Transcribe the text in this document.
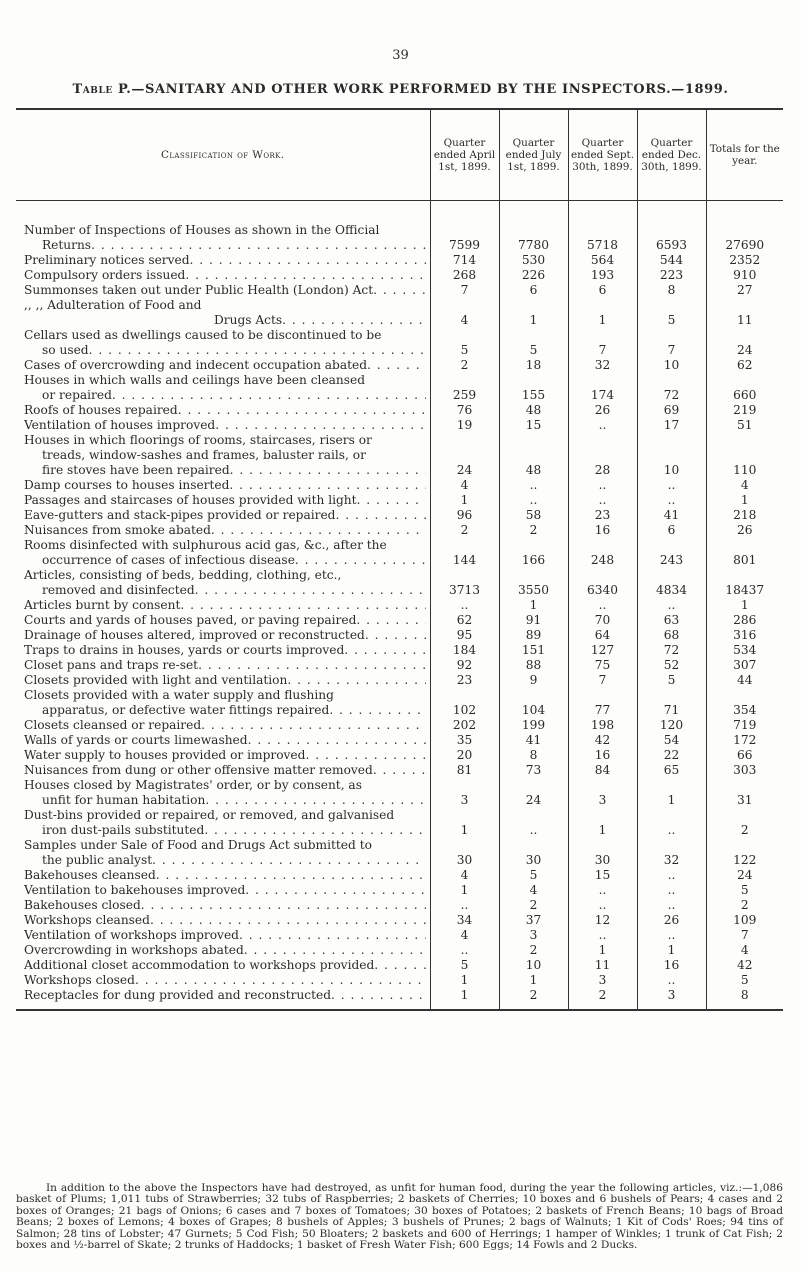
39
Table P.—SANITARY AND OTHER WORK PERFORMED BY THE INSPECTORS.—1899.
Classification of Work.	Quarter ended April 1st, 1899.	Quarter ended July 1st, 1899.	Quarter ended Sept. 30th, 1899.	Quarter ended Dec. 30th, 1899.	Totals for the year.

Number of Inspections of Houses as shown in the Official
Returns
. . .	7599	7780	5718	6593	27690

Preliminary notices served
. . .	714	530	564	544	2352

Compulsory orders issued
. . .	268	226	193	223	910

Summonses taken out under Public Health (London) Act
. . .	7	6	6	8	27

,, ,, Adulteration of Food and
Drugs Acts
. . .	4	1	1	5	11

Cellars used as dwellings caused to be discontinued to be
so used
. . .	5	5	7	7	24

Cases of overcrowding and indecent occupation abated
. . .	2	18	32	10	62

Houses in which walls and ceilings have been cleansed
or repaired
. . .	259	155	174	72	660

Roofs of houses repaired
. . .	76	48	26	69	219

Ventilation of houses improved
. . .	19	15	..	17	51

Houses in which floorings of rooms, staircases, risers or
treads, window-sashes and frames, baluster rails, or
fire stoves have been repaired
. . .	24	48	28	10	110

Damp courses to houses inserted
. . .	4	..	..	..	4

Passages and staircases of houses provided with light
. . .	1	..	..	..	1

Eave-gutters and stack-pipes provided or repaired
. . .	96	58	23	41	218

Nuisances from smoke abated
. . .	2	2	16	6	26

Rooms disinfected with sulphurous acid gas, &c., after the
occurrence of cases of infectious disease
. . .	144	166	248	243	801

Articles, consisting of beds, bedding, clothing, etc.,
removed and disinfected
. . .	3713	3550	6340	4834	18437

Articles burnt by consent
. . .	..	1	..	..	1

Courts and yards of houses paved, or paving repaired
. . .	62	91	70	63	286

Drainage of houses altered, improved or reconstructed
. . .	95	89	64	68	316

Traps to drains in houses, yards or courts improved
. . .	184	151	127	72	534

Closet pans and traps re-set
. . .	92	88	75	52	307

Closets provided with light and ventilation
. . .	23	9	7	5	44

Closets provided with a water supply and flushing
apparatus, or defective water fittings repaired
. . .	102	104	77	71	354

Closets cleansed or repaired
. . .	202	199	198	120	719

Walls of yards or courts limewashed
. . .	35	41	42	54	172

Water supply to houses provided or improved
. . .	20	8	16	22	66

Nuisances from dung or other offensive matter removed
. . .	81	73	84	65	303

Houses closed by Magistrates' order, or by consent, as
unfit for human habitation
. . .	3	24	3	1	31

Dust-bins provided or repaired, or removed, and galvanised
iron dust-pails substituted
. . .	1	..	1	..	2

Samples under Sale of Food and Drugs Act submitted to
the public analyst
. . .	30	30	30	32	122

Bakehouses cleansed
. . .	4	5	15	..	24

Ventilation to bakehouses improved
. . .	1	4	..	..	5

Bakehouses closed
. . .	..	2	..	..	2

Workshops cleansed
. . .	34	37	12	26	109

Ventilation of workshops improved
. . .	4	3	..	..	7

Overcrowding in workshops abated
. . .	..	2	1	1	4

Additional closet accommodation to workshops provided
. . .	5	10	11	16	42

Workshops closed
. . .	1	1	3	..	5

Receptacles for dung provided and reconstructed
. . .	1	2	2	3	8
In addition to the above the Inspectors have had destroyed, as unfit for human food, during the year the following articles, viz.:—1,086 basket of Plums; 1,011 tubs of Strawberries; 32 tubs of Raspberries; 2 baskets of Cherries; 10 boxes and 6 bushels of Pears; 4 cases and 2 boxes of Oranges; 21 bags of Onions; 6 cases and 7 boxes of Tomatoes; 30 boxes of Potatoes; 2 baskets of French Beans; 10 bags of Broad Beans; 2 boxes of Lemons; 4 boxes of Grapes; 8 bushels of Apples; 3 bushels of Prunes; 2 bags of Walnuts; 1 Kit of Cods' Roes; 94 tins of Salmon; 28 tins of Lobster; 47 Gurnets; 5 Cod Fish; 50 Bloaters; 2 baskets and 600 of Herrings; 1 hamper of Winkles; 1 trunk of Cat Fish; 2 boxes and ½-barrel of Skate; 2 trunks of Haddocks; 1 basket of Fresh Water Fish; 600 Eggs; 14 Fowls and 2 Ducks.
